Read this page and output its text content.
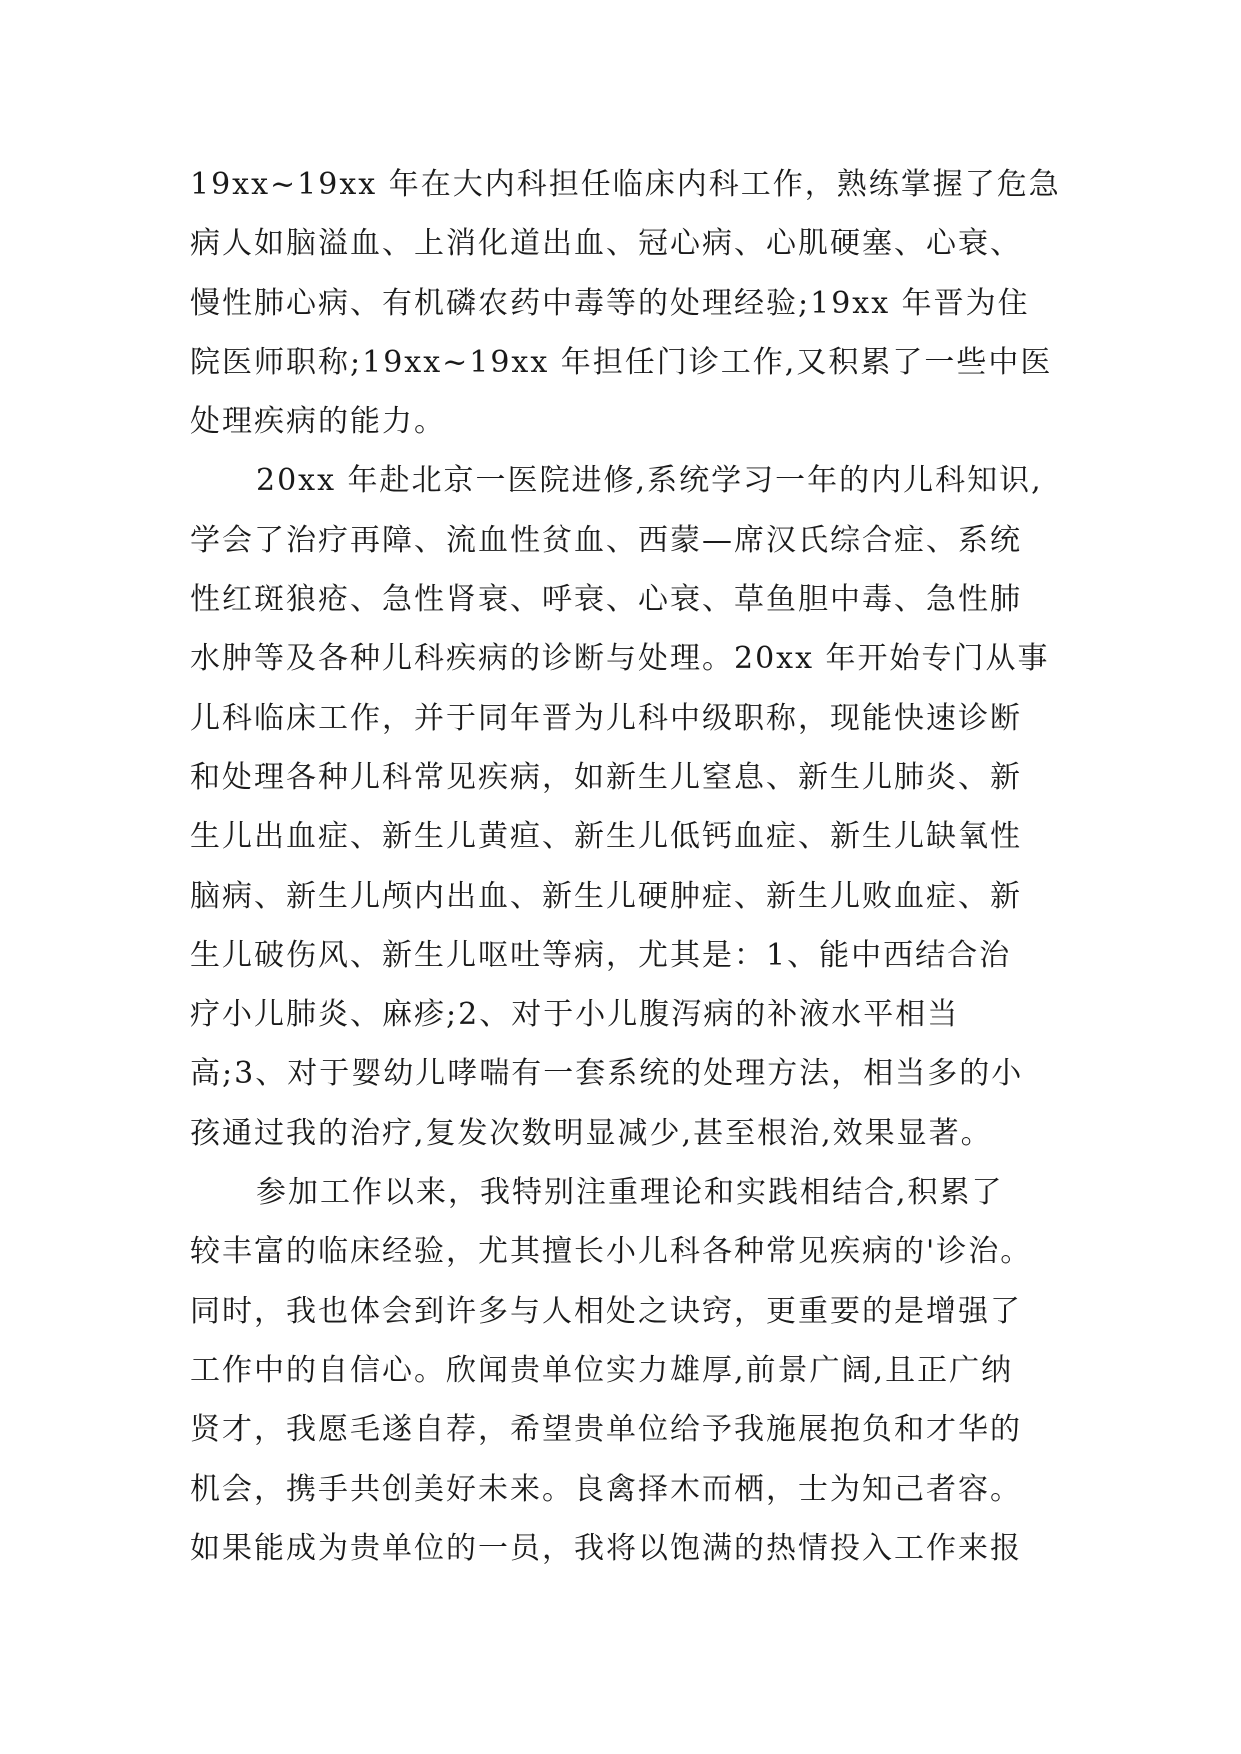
19xx~19xx 年在大内科担任临床内科工作，熟练掌握了危急
病人如脑溢血、上消化道出血、冠心病、心肌硬塞、心衰、
慢性肺心病、有机磷农药中毒等的处理经验;19xx 年晋为住
院医师职称;19xx~19xx 年担任门诊工作,又积累了一些中医
处理疾病的能力。
20xx 年赴北京一医院进修,系统学习一年的内儿科知识,
学会了治疗再障、流血性贫血、西蒙—席汉氏综合症、系统
性红斑狼疮、急性肾衰、呼衰、心衰、草鱼胆中毒、急性肺
水肿等及各种儿科疾病的诊断与处理。20xx 年开始专门从事
儿科临床工作，并于同年晋为儿科中级职称，现能快速诊断
和处理各种儿科常见疾病，如新生儿窒息、新生儿肺炎、新
生儿出血症、新生儿黄疸、新生儿低钙血症、新生儿缺氧性
脑病、新生儿颅内出血、新生儿硬肿症、新生儿败血症、新
生儿破伤风、新生儿呕吐等病，尤其是：1、能中西结合治
疗小儿肺炎、麻疹;2、对于小儿腹泻病的补液水平相当
高;3、对于婴幼儿哮喘有一套系统的处理方法，相当多的小
孩通过我的治疗,复发次数明显减少,甚至根治,效果显著。
参加工作以来，我特别注重理论和实践相结合,积累了
较丰富的临床经验，尤其擅长小儿科各种常见疾病的'诊治。
同时，我也体会到许多与人相处之诀窍，更重要的是增强了
工作中的自信心。欣闻贵单位实力雄厚,前景广阔,且正广纳
贤才，我愿毛遂自荐，希望贵单位给予我施展抱负和才华的
机会，携手共创美好未来。良禽择木而栖，士为知己者容。
如果能成为贵单位的一员，我将以饱满的热情投入工作来报
